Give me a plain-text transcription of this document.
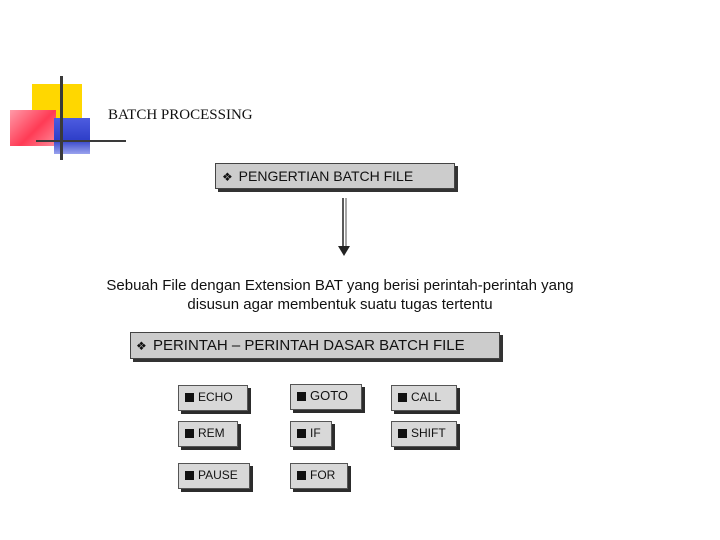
BATCH PROCESSING
❖ PENGERTIAN BATCH FILE
Sebuah File dengan Extension BAT yang berisi perintah-perintah yang
disusun agar membentuk suatu tugas tertentu
❖ PERINTAH – PERINTAH DASAR BATCH FILE
ECHO	GOTO	CALL
REM	IF	SHIFT
PAUSE	FOR
